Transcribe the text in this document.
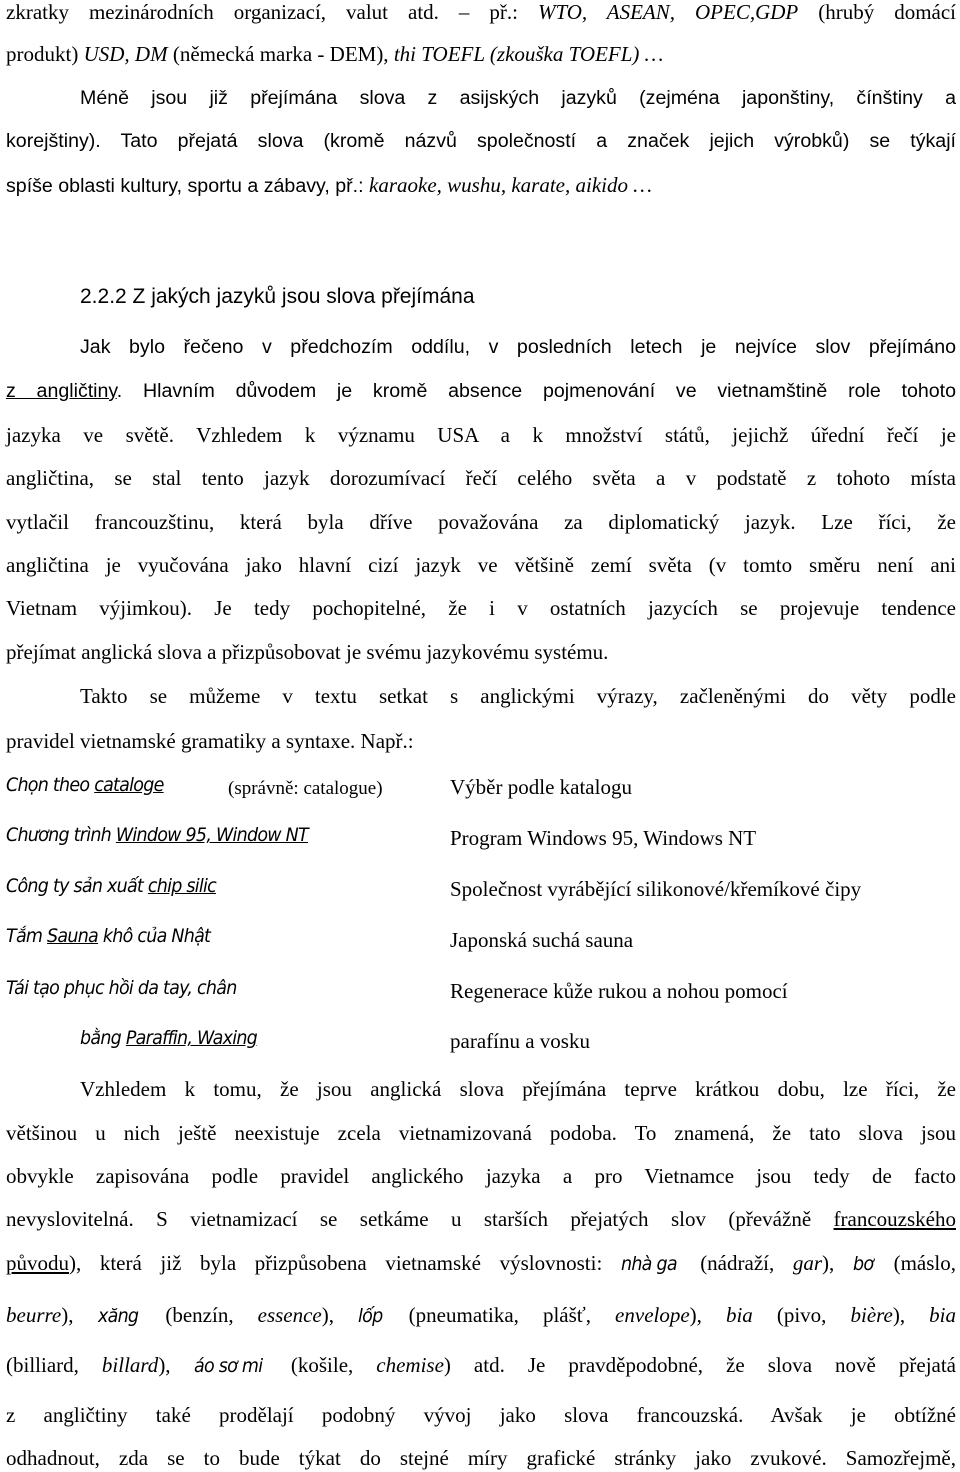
zkratky mezinárodních organizací, valut atd. – př.: WTO, ASEAN, OPEC,GDP (hrubý domácí
produkt) USD, DM (německá marka - DEM), thi TOEFL (zkouška TOEFL) …
Méně jsou již přejímána slova z asijských jazyků (zejména japonštiny, čínštiny a
korejštiny). Tato přejatá slova (kromě názvů společností a značek jejich výrobků) se týkají
spíše oblasti kultury, sportu a zábavy, př.: karaoke, wushu, karate, aikido …
2.2.2 Z jakých jazyků jsou slova přejímána
Jak bylo řečeno v předchozím oddílu, v posledních letech je nejvíce slov přejímáno
z angličtiny. Hlavním důvodem je kromě absence pojmenování ve vietnamštině role tohoto
jazyka ve světě. Vzhledem k významu USA a k množství států, jejichž úřední řečí je
angličtina, se stal tento jazyk dorozumívací řečí celého světa a v podstatě z tohoto místa
vytlačil francouzštinu, která byla dříve považována za diplomatický jazyk. Lze říci, že
angličtina je vyučována jako hlavní cizí jazyk ve většině zemí světa (v tomto směru není ani
Vietnam výjimkou). Je tedy pochopitelné, že i v ostatních jazycích se projevuje tendence
přejímat anglická slova a přizpůsobovat je svému jazykovému systému.
Takto se můžeme v textu setkat s anglickými výrazy, začleněnými do věty podle
pravidel vietnamské gramatiky a syntaxe. Např.:
Chọn theo cataloge	(správně: catalogue)	Výběr podle katalogu
Chương trình Window 95, Window NT	Program Windows 95, Windows NT
Công ty sản xuất chip silic	Společnost vyrábějící silikonové/křemíkové čipy
Tắm Sauna khô của Nhật	Japonská suchá sauna
Tái tạo phục hồi da tay, chân	Regenerace kůže rukou a nohou pomocí
bằng Paraffin, Waxing	parafínu a vosku
Vzhledem k tomu, že jsou anglická slova přejímána teprve krátkou dobu, lze říci, že
většinou u nich ještě neexistuje zcela vietnamizovaná podoba. To znamená, že tato slova jsou
obvykle zapisována podle pravidel anglického jazyka a pro Vietnamce jsou tedy de facto
nevyslovitelná. S vietnamizací se setkáme u starších přejatých slov (převážně francouzského
původu), která již byla přizpůsobena vietnamské výslovnosti: nhà ga (nádraží, gar), bơ (máslo,
beurre), xăng (benzín, essence), lốp (pneumatika, plášť, envelope), bia (pivo, bière), bia
(billiard, billard), áo sơ mi (košile, chemise) atd. Je pravděpodobné, že slova nově přejatá
z angličtiny také prodělají podobný vývoj jako slova francouzská. Avšak je obtížné
odhadnout, zda se to bude týkat do stejné míry grafické stránky jako zvukové. Samozřejmě,
